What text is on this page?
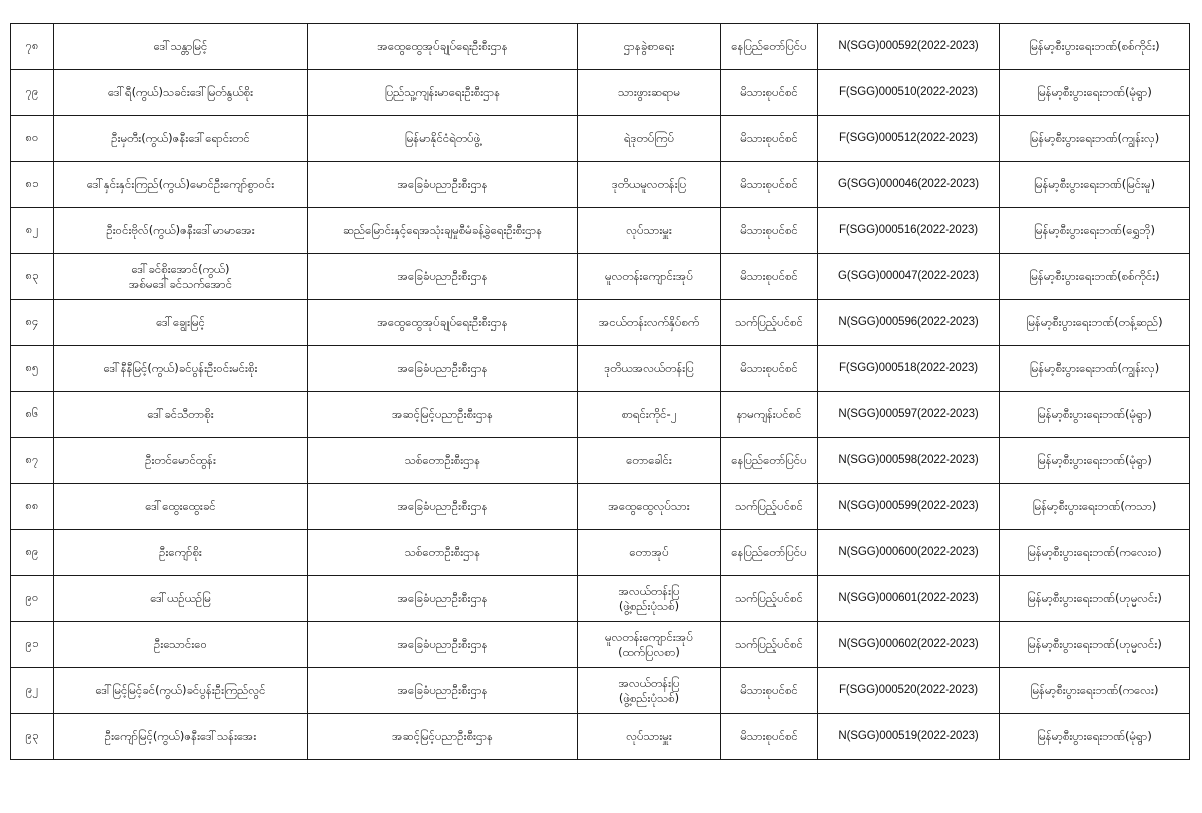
၇၈	ဒေါ်သန္တာမြင့်	အထွေထွေအုပ်ချုပ်ရေးဦးစီးဌာန	ဌာနခွဲစာရေး	နေပြည်တော်ပြင်ပ	N(SGG)000592(2022-2023)	မြန်မာ့စီးပွားရေးဘဏ်(စစ်ကိုင်း)
၇၉	ဒေါ်ရီ(ကွယ်)သခင်းဒေါ်မြတ်နွယ်စိုး	ပြည်သူ့ကျန်းမာရေးဦးစီးဌာန	သားဖွားဆရာမ	မိသားစုပင်စင်	F(SGG)000510(2022-2023)	မြန်မာ့စီးပွားရေးဘဏ်(မုံရွာ)
၈၀	ဦးမှတီး(ကွယ်)ဇနီးဒေါ်ရောင်းတင်	မြန်မာနိုင်ငံရဲတပ်ဖွဲ့	ရဲဒုတပ်ကြပ်	မိသားစုပင်စင်	F(SGG)000512(2022-2023)	မြန်မာ့စီးပွားရေးဘဏ်(ကျွန်းလှ)
၈၁	ဒေါ်နှင်းနှင်းကြည်(ကွယ်)မောင်ဦးကျော်စွာဝင်း	အခြေခံပညာဦးစီးဌာန	ဒုတိယမူလတန်းပြ	မိသားစုပင်စင်	G(SGG)000046(2022-2023)	မြန်မာ့စီးပွားရေးဘဏ်(မြင်းမူ)
၈၂	ဦးဝင်းဗိုလ်(ကွယ်)ဇနီးဒေါ်မာမာအေး	ဆည်မြောင်းနှင့်ရေအသုံးချမှုစီမံခန့်ခွဲရေးဦးစီးဌာန	လုပ်သားမှူး	မိသားစုပင်စင်	F(SGG)000516(2022-2023)	မြန်မာ့စီးပွားရေးဘဏ်(ရွှေဘို)
၈၃	ဒေါ်ခင်စိုးအောင်(ကွယ်)
အစ်မဒေါ်ခင်သက်အောင်	အခြေခံပညာဦးစီးဌာန	မူလတန်းကျောင်းအုပ်	မိသားစုပင်စင်	G(SGG)000047(2022-2023)	မြန်မာ့စီးပွားရေးဘဏ်(စစ်ကိုင်း)
၈၄	ဒေါ်ချွေးမြင့်	အထွေထွေအုပ်ချုပ်ရေးဦးစီးဌာန	အငယ်တန်းလက်နှိပ်စက်	သက်ပြည့်ပင်စင်	N(SGG)000596(2022-2023)	မြန်မာ့စီးပွားရေးဘဏ်(တန့်ဆည်)
၈၅	ဒေါ်နီနီမြင့်(ကွယ်)ခင်ပွန်းဦးဝင်းမင်းစိုး	အခြေခံပညာဦးစီးဌာန	ဒုတိယအလယ်တန်းပြ	မိသားစုပင်စင်	F(SGG)000518(2022-2023)	မြန်မာ့စီးပွားရေးဘဏ်(ကျွန်းလှ)
၈၆	ဒေါ်ခင်သီတာစိုး	အဆင့်မြင့်ပညာဦးစီးဌာန	စာရင်းကိုင်-၂	နာမကျန်းပင်စင်	N(SGG)000597(2022-2023)	မြန်မာ့စီးပွားရေးဘဏ်(မုံရွာ)
၈၇	ဦးတင်မောင်ထွန်း	သစ်တောဦးစီးဌာန	တောခေါင်း	နေပြည်တော်ပြင်ပ	N(SGG)000598(2022-2023)	မြန်မာ့စီးပွားရေးဘဏ်(မုံရွာ)
၈၈	ဒေါ်ထွေးထွေးခင်	အခြေခံပညာဦးစီးဌာန	အထွေထွေလုပ်သား	သက်ပြည့်ပင်စင်	N(SGG)000599(2022-2023)	မြန်မာ့စီးပွားရေးဘဏ်(ကသာ)
၈၉	ဦးကျော်စိုး	သစ်တောဦးစီးဌာန	တောအုပ်	နေပြည်တော်ပြင်ပ	N(SGG)000600(2022-2023)	မြန်မာ့စီးပွားရေးဘဏ်(ကလေးဝ)
၉၀	ဒေါ်ယဉ်ယဉ်မြ	အခြေခံပညာဦးစီးဌာန	အလယ်တန်းပြ
(ဖွဲ့စည်းပုံသစ်)	သက်ပြည့်ပင်စင်	N(SGG)000601(2022-2023)	မြန်မာ့စီးပွားရေးဘဏ်(ဟုမ္မလင်း)
၉၁	ဦးသောင်းဝေ	အခြေခံပညာဦးစီးဌာန	မူလတန်းကျောင်းအုပ်
(ထက်ပြလစာ)	သက်ပြည့်ပင်စင်	N(SGG)000602(2022-2023)	မြန်မာ့စီးပွားရေးဘဏ်(ဟုမ္မလင်း)
၉၂	ဒေါ်မြင့်မြင့်ခင်(ကွယ်)ခင်ပွန်းဦးကြည်လွင်	အခြေခံပညာဦးစီးဌာန	အလယ်တန်းပြ
(ဖွဲ့စည်းပုံသစ်)	မိသားစုပင်စင်	F(SGG)000520(2022-2023)	မြန်မာ့စီးပွားရေးဘဏ်(ကလေး)
၉၃	ဦးကျော်မြင့်(ကွယ်)ဇနီးဒေါ်သန်းအေး	အဆင့်မြင့်ပညာဦးစီးဌာန	လုပ်သားမှူး	မိသားစုပင်စင်	N(SGG)000519(2022-2023)	မြန်မာ့စီးပွားရေးဘဏ်(မုံရွာ)
